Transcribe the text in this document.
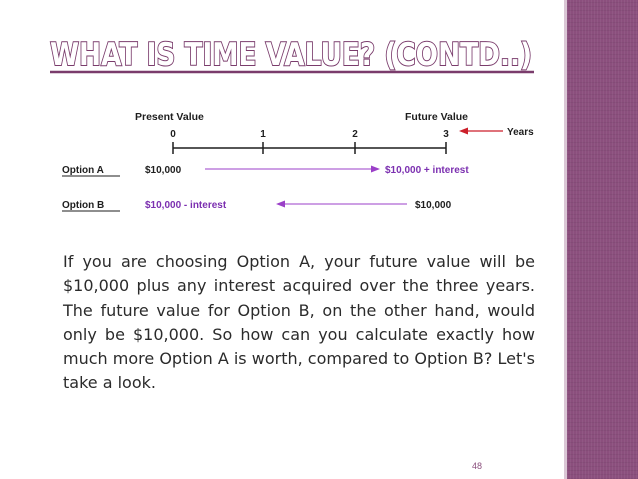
WHAT IS TIME VALUE? (CONTD..)
Present Value	Future Value
0	1	2	3	Years
Option A	$10,000	$10,000 + interest
Option B	$10,000 - interest	$10,000

If you are choosing Option A, your future value will be $10,000 plus any interest acquired over the three years. The future value for Option B, on the other hand, would only be $10,000. So how can you calculate exactly how much more Option A is worth, compared to Option B? Let's take a look.

48
